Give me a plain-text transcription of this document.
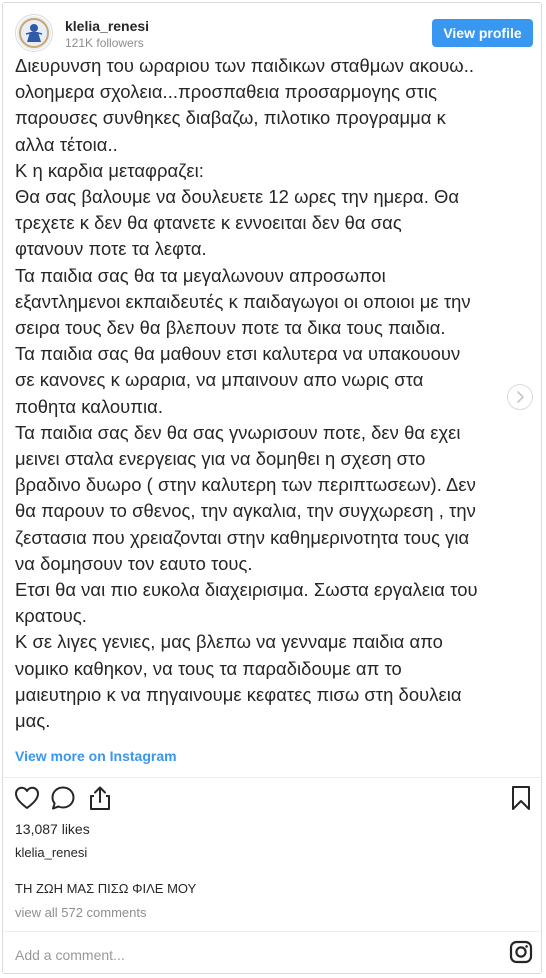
klelia_renesi
121K followers
View profile
Διευρυνση του ωραριου των παιδικων σταθμων ακουω..
ολοημερα σχολεια...προσπαθεια προσαρμογης στις
παρουσες συνθηκες διαβαζω, πιλοτικο προγραμμα κ
αλλα τέτοια..
Κ η καρδια μεταφραζει:
Θα σας βαλουμε να δουλευετε 12 ωρες την ημερα. Θα
τρεχετε κ δεν θα φτανετε κ εννοειται δεν θα σας
φτανουν ποτε τα λεφτα.
Τα παιδια σας θα τα μεγαλωνουν απροσωποι
εξαντλημενοι εκπαιδευτές κ παιδαγωγοι οι οποιοι με την
σειρα τους δεν θα βλεπουν ποτε τα δικα τους παιδια.
Τα παιδια σας θα μαθουν ετσι καλυτερα να υπακουουν
σε κανονες κ ωραρια, να μπαινουν απο νωρις στα
ποθητα καλουπια.
Τα παιδια σας δεν θα σας γνωρισουν ποτε, δεν θα εχει
μεινει σταλα ενεργειας για να δομηθει η σχεση στο
βραδινο δυωρο ( στην καλυτερη των περιπτωσεων). Δεν
θα παρουν το σθενος, την αγκαλια, την συγχωρεση , την
ζεστασια που χρειαζονται στην καθημερινοτητα τους για
να δομησουν τον εαυτο τους.
Ετσι θα ναι πιο ευκολα διαχειρισιμα. Σωστα εργαλεια του
κρατους.
Κ σε λιγες γενιες, μας βλεπω να γενναμε παιδια απο
νομικο καθηκον, να τους τα παραδιδουμε απ το
μαιευτηριο κ να πηγαινουμε κεφατες πισω στη δουλεια
μας.
View more on Instagram
13,087 likes
klelia_renesi
ΤΗ ΖΩΗ ΜΑΣ ΠΙΣΩ ΦΙΛΕ ΜΟΥ
view all 572 comments
Add a comment...
